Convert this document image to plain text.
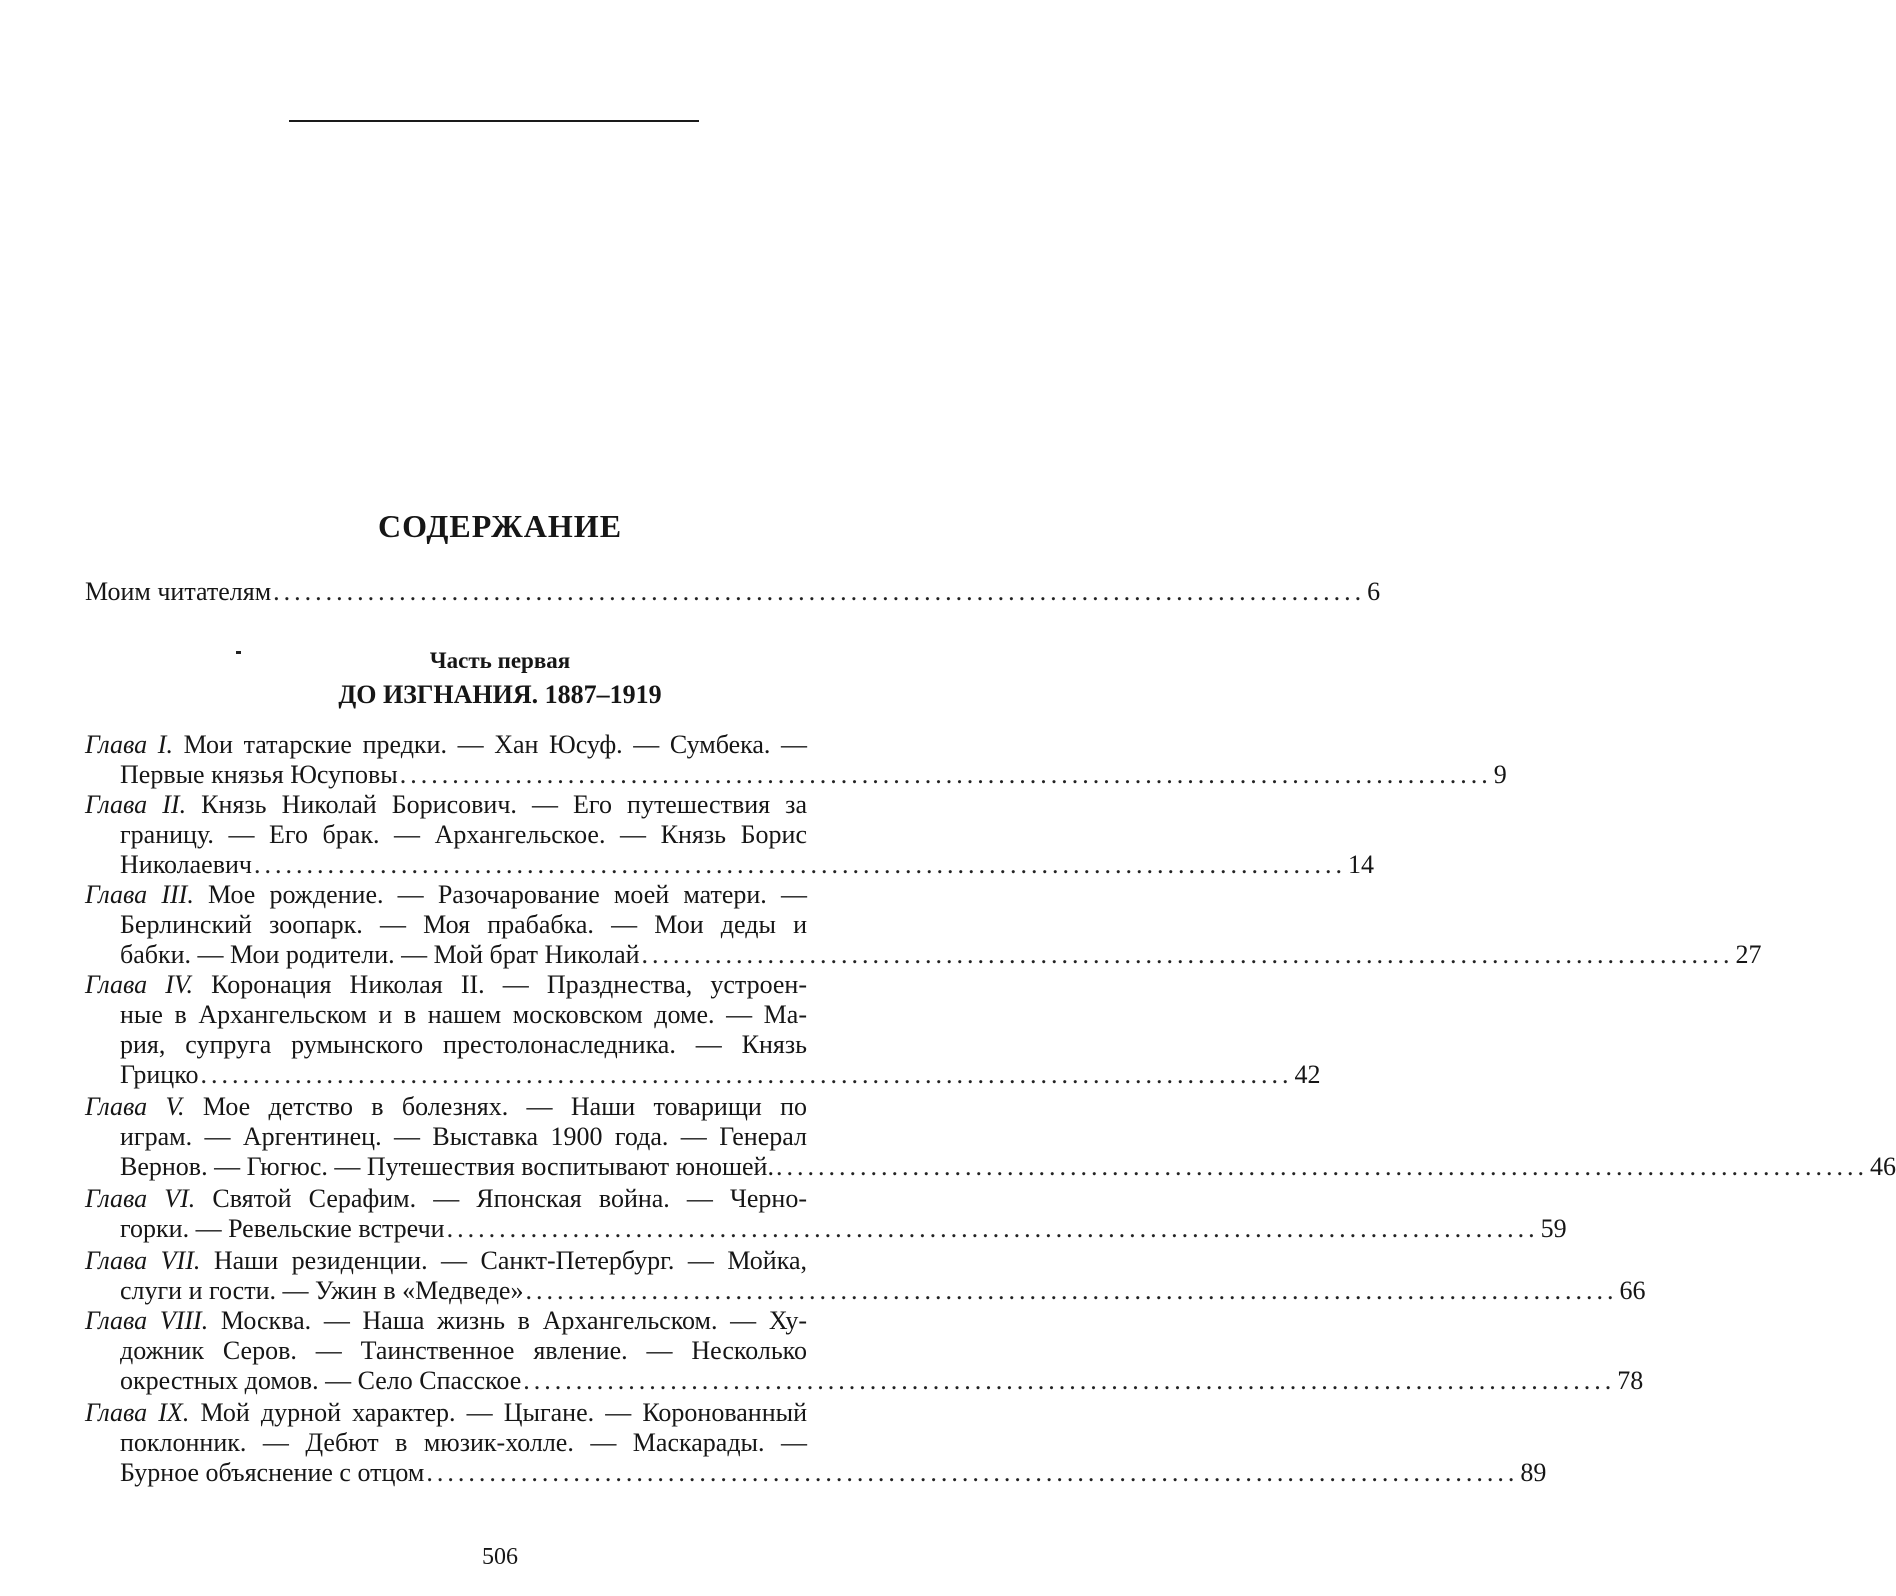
СОДЕРЖАНИЕ
Моим читателям ........................................................................................................ 6
Часть первая
ДО ИЗГНАНИЯ. 1887–1919
Глава I. Мои татарские предки. — Хан Юсуф. — Сумбека. —
Первые князья Юсуповы ........................................................................................................ 9
Глава II. Князь Николай Борисович. — Его путешествия за
границу. — Его брак. — Архангельское. — Князь Борис
Николаевич ........................................................................................................ 14
Глава III. Мое рождение. — Разочарование моей матери. —
Берлинский зоопарк. — Моя прабабка. — Мои деды и
бабки. — Мои родители. — Мой брат Николай ........................................................................................................ 27
Глава IV. Коронация Николая II. — Празднества, устроен-
ные в Архангельском и в нашем московском доме. — Ма-
рия, супруга румынского престолонаследника. — Князь
Грицко ........................................................................................................ 42
Глава V. Мое детство в болезнях. — Наши товарищи по
играм. — Аргентинец. — Выставка 1900 года. — Генерал
Вернов. — Гюгюс. — Путешествия воспитывают юношей. ........................................................................................................ 46
Глава VI. Святой Серафим. — Японская война. — Черно-
горки. — Ревельские встречи ........................................................................................................ 59
Глава VII. Наши резиденции. — Санкт-Петербург. — Мойка,
слуги и гости. — Ужин в «Медведе» ........................................................................................................ 66
Глава VIII. Москва. — Наша жизнь в Архангельском. — Ху-
дожник Серов. — Таинственное явление. — Несколько
окрестных домов. — Село Спасское ........................................................................................................ 78
Глава IX. Мой дурной характер. — Цыгане. — Коронованный
поклонник. — Дебют в мюзик-холле. — Маскарады. —
Бурное объяснение с отцом ........................................................................................................ 89
506
